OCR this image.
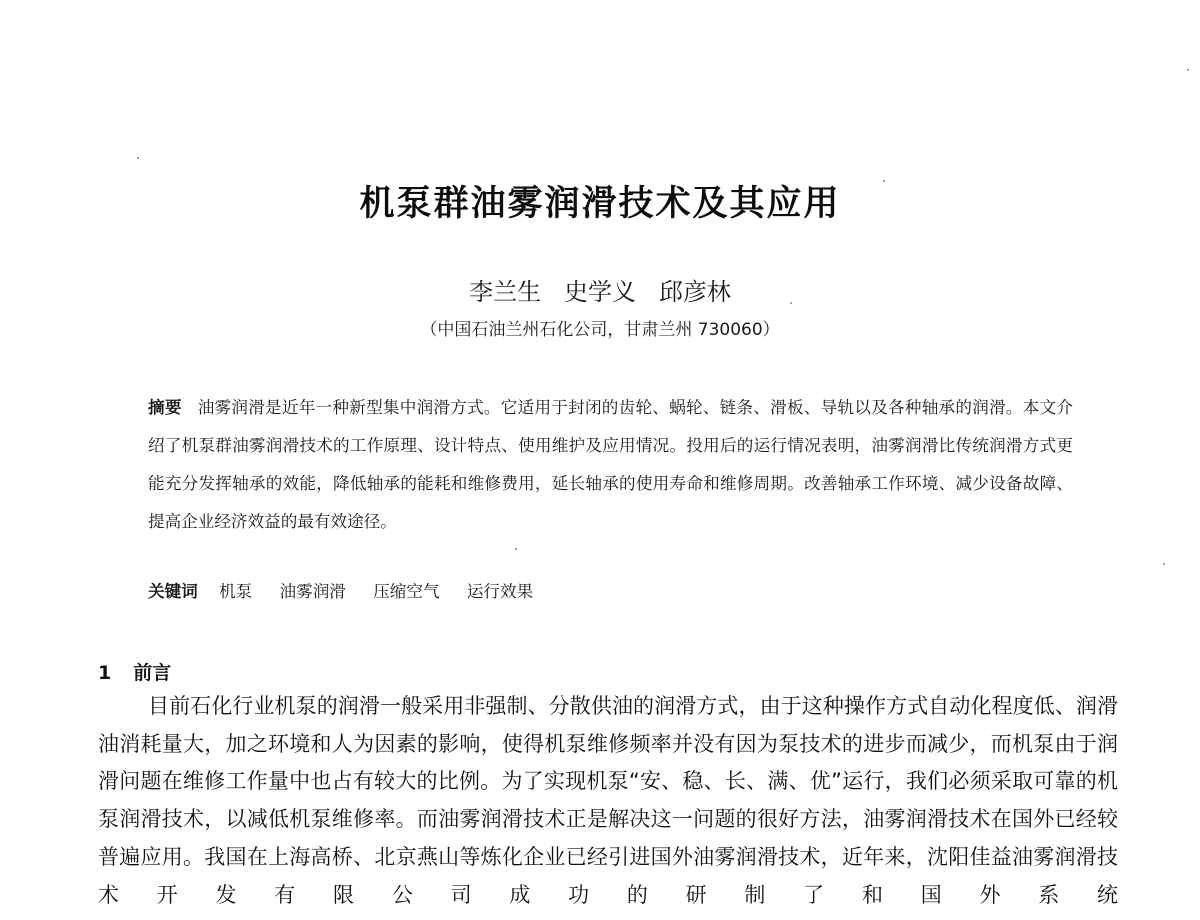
机泵群油雾润滑技术及其应用
李兰生 史学义 邱彦林
（中国石油兰州石化公司，甘肃兰州 730060）
摘要 油雾润滑是近年一种新型集中润滑方式。它适用于封闭的齿轮、蜗轮、链条、滑板、导轨以及各种轴承的润滑。本文介绍了机泵群油雾润滑技术的工作原理、设计特点、使用维护及应用情况。投用后的运行情况表明，油雾润滑比传统润滑方式更能充分发挥轴承的效能，降低轴承的能耗和维修费用，延长轴承的使用寿命和维修周期。改善轴承工作环境、减少设备故障、提高企业经济效益的最有效途径。
关键词 机泵 油雾润滑 压缩空气 运行效果
1 前言
目前石化行业机泵的润滑一般采用非强制、分散供油的润滑方式，由于这种操作方式自动化程度低、润滑油消耗量大，加之环境和人为因素的影响，使得机泵维修频率并没有因为泵技术的进步而减少，而机泵由于润滑问题在维修工作量中也占有较大的比例。为了实现机泵“安、稳、长、满、优”运行，我们必须采取可靠的机泵润滑技术，以减低机泵维修率。而油雾润滑技术正是解决这一问题的很好方法，油雾润滑技术在国外已经较普遍应用。我国在上海高桥、北京燕山等炼化企业已经引进国外油雾润滑技术，近年来，沈阳佳益油雾润滑技术开发有限公司成功的研制了和国外系统
